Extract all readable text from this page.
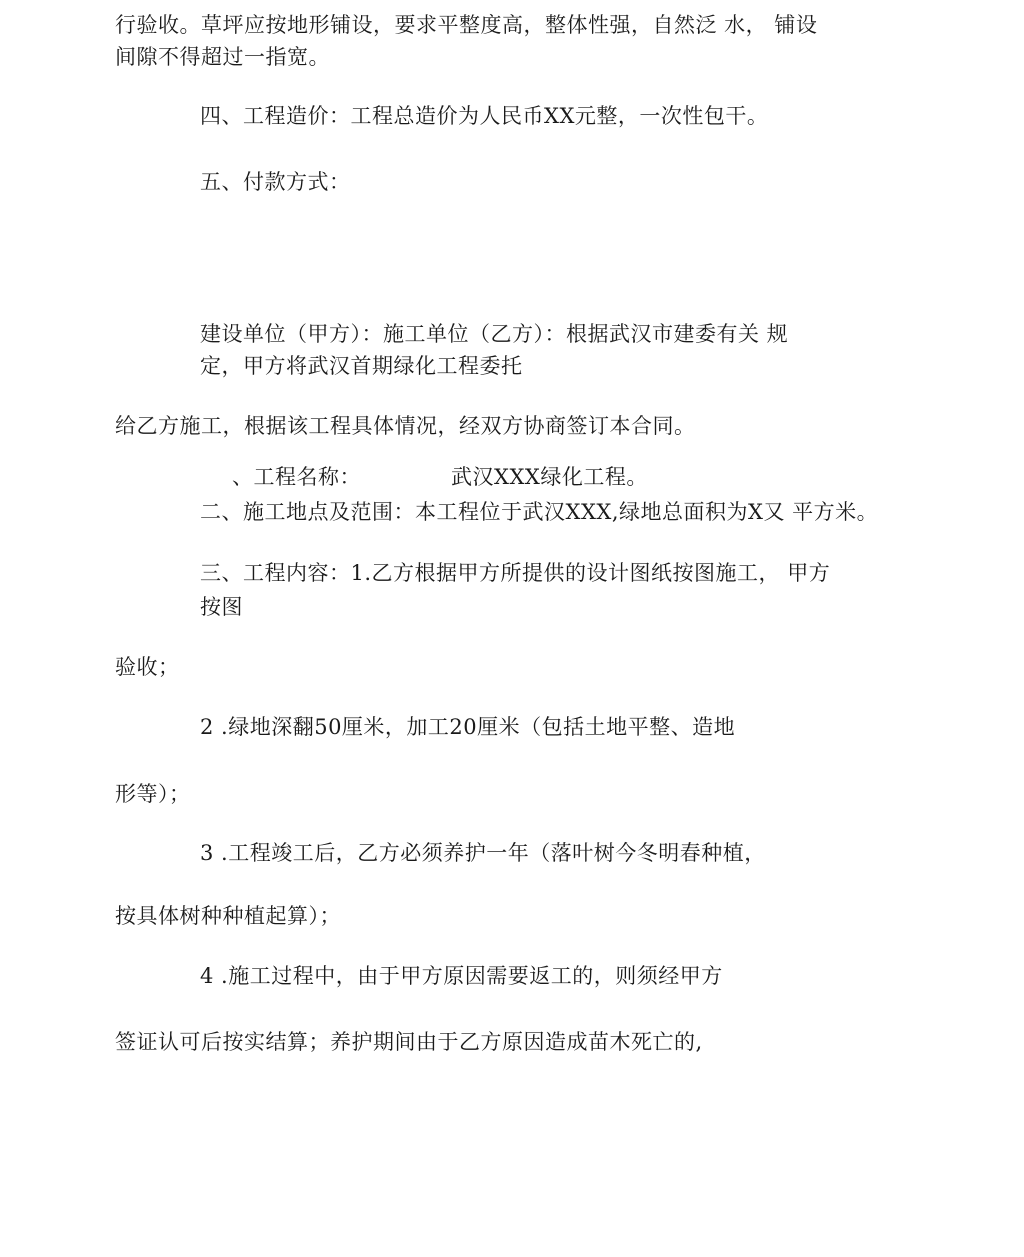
行验收。草坪应按地形铺设，要求平整度高，整体性强，自然泛 水， 铺设
间隙不得超过一指宽。
四、工程造价：工程总造价为人民币XX元整，一次性包干。
五、付款方式：
建设单位（甲方）：施工单位（乙方）：根据武汉市建委有关 规
定，甲方将武汉首期绿化工程委托
给乙方施工，根据该工程具体情况，经双方协商签订本合同。
、工程名称：	武汉XXX绿化工程。
二、施工地点及范围：本工程位于武汉XXX,绿地总面积为X又 平方米。
三、工程内容：1.乙方根据甲方所提供的设计图纸按图施工， 甲方
按图
验收；
2 .绿地深翻50厘米，加工20厘米（包括土地平整、造地
形等）；
3 .工程竣工后，乙方必须养护一年（落叶树今冬明春种植，
按具体树种种植起算）；
4 .施工过程中，由于甲方原因需要返工的，则须经甲方
签证认可后按实结算；养护期间由于乙方原因造成苗木死亡的,
